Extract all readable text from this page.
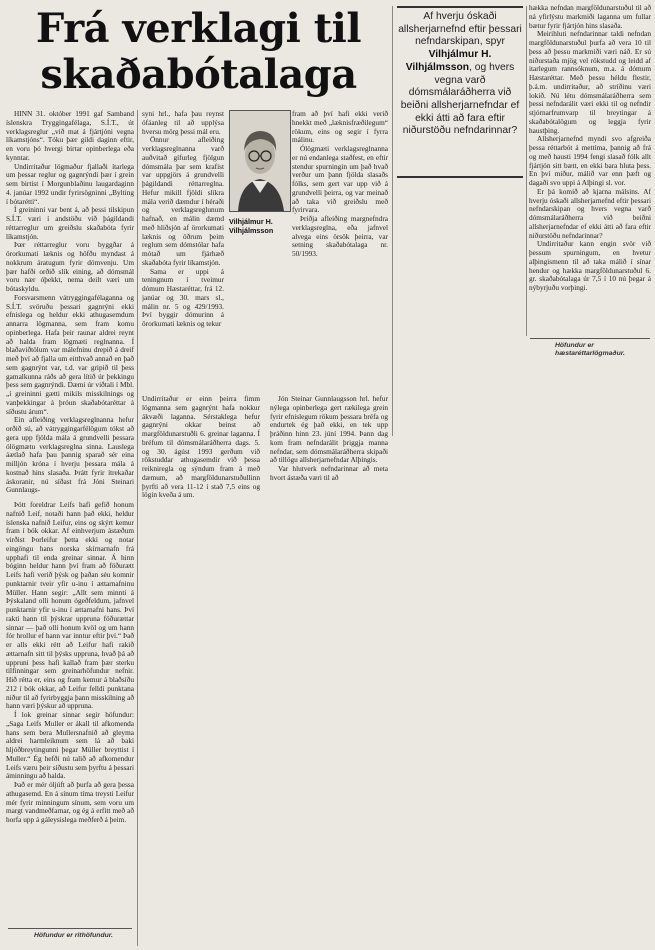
Frá verklagi til skaðabótalaga

HINN 31. október 1991 gaf Samband íslenskra Tryggingafélaga, S.Í.T., út verklagsreglur „við mat á fjártjóni vegna líkamstjóns“. Tóku þær gildi daginn eftir, en voru þó hvergi birtar opinberlega eða kynntar.

Undirritaður lögmaður fjallaði ítarlega um þessar reglur og gagnrýndi þær í grein sem birtist í Morgunblaðinu laugardaginn 4. janúar 1992 undir fyrirsögninni „Bylting í bótarétti“.

Í greininni var bent á, að þessi tilskipun S.Í.T. væri í andstöðu við þágildandi réttarreglur um greiðslu skaðabóta fyrir líkamstjón.

Þær réttarreglur voru byggðar á örorkumati læknis og höfðu myndast á nokkrum áratugum fyrir dómvenju. Um þær hafði orðið slík eining, að dómsmál voru nær óþekkt, nema deilt væri um bótaskyldu.

Forsvarsmenn vátryggingafélaganna og S.Í.T. svöruðu þessari gagnrýni ekki efnislega og heldur ekki athugasemdum annarra lögmanna, sem fram komu opinberlega. Hafa þeir raunar aldrei reynt að halda fram lögmæti reglnanna. Í blaðaviðtölum var málefninu drepið á dreif með því að fjalla um eitthvað annað en það sem gagnrýnt var, t.d. var gripið til þess gamalkunna ráðs að gera lítið úr þekkingu þess sem gagnrýndi. Dæmi úr viðtali í Mbl. „í greininni gætti mikils misskilnings og vanþekkingar á þróun skaðabótaréttar á síðustu árum“.

Ein afleiðing verklagsreglnanna hefur orðið sú, að vátryggingarfélögum tókst að gera upp fjölda mála á grundvelli þessara ólögmætu verklagsreglna sinna. Lauslega áætlað hafa þau þannig sparað sér eina milljón króna í hverju þessara mála á kostnað hins slasaða. Þrátt fyrir ítrekaðar áskoranir, nú síðast frá Jóni Steinari Gunnlaugs-

Þótt foreldrar Leifs hafi gefið honum nafnið Leif, notaði hann það ekki, heldur íslenska nafnið Leifur, eins og skýrt kemur fram í bók okkar. Af einhverjum ástæðum virðist Þorleifur þetta ekki og notar eingöngu hans norska skírnarnafn frá upphafi til enda greinar sinnar. Á hinn bóginn heldur hann því fram að föðurætt Leifs hafi verið þýsk og þaðan séu komnir punktarnir tveir yfir u-inu í ættarnafninu Müller. Hann segir: „Allt sem minnti á Þýskaland olli honum ógeðfeldum, jafnvel punktarnir yfir u-inu í ættarnafni hans. Því rakti hann til þýskrar uppruna föðurættar sinnar — það olli honum kvöl og um hann fór hrollur ef hann var inntur eftir því.“ Það er alls ekki rétt að Leifur hafi rakið ættarnafn sitt til þýsks uppruna, hvað þá að uppruni þess hafi kallað fram þær sterku tilfinningar sem greinarhöfundur nefnir. Hið rétta er, eins og fram kemur á blaðsíðu 212 í bók okkar, að Leifur felldi punktana niður til að fyrirbyggja þann misskilning að hann væri þýskur að uppruna.

Í lok greinar sinnar segir höfundur: „Saga Leifs Muller er ákall til afkomenda hans sem bera Mullersnafnið að gleyma aldrei harmleiknum sem lá að baki hljóðbreytingunni þegar Müller breyttist í Muller.“ Ég hefði nú talið að afkomendur Leifs væru þeir síðustu sem þyrftu á þessari áminningu að halda.

Það er mér óljúft að þurfa að gera þessa athugasemd. En á sínum tíma treysti Leifur mér fyrir minningum sínum, sem voru um margt vandmeðfarnar, og ég á erfitt með að horfa upp á gáleysislega meðferð á þeim.

Höfundur er rithöfundur.

syni hrl., hafa þau reynst ófáanleg til að upplýsa hversu mörg þessi mál eru.

Önnur afleiðing verklagsreglnanna varð auðvitað gífurleg fjölgun dómsmála þar sem krafist var uppgjörs á grundvelli þágildandi réttarreglna. Hefur mikill fjöldi slíkra mála verið dæmdur í héraði og verklagsreglunum hafnað, en málin dæmd með hliðsjón af örorkumati læknis og öðrum þeim reglum sem dómstólar hafa mótað um fjárhæð skaðabóta fyrir líkamstjón.

Sama er uppi á teningnum í tveimur dómum Hæstaréttar, frá 12. janúar og 30. mars sl., málin nr. 5 og 429/1993. Því byggir dómurinn á örorkumati læknis og tekur

Vilhjálmur H. Vilhjálmsson

fram að því hafi ekki verið hnekkt með „læknisfræðilegum“ rökum, eins og segir í fyrra málinu.

Ólögmæti verklagsreglnanna er nú endanlega staðfest, en eftir stendur spurningin um það hvað verður um þann fjölda slasaðs fólks, sem gert var upp við á grundvelli þeirra, og var meinað að taka við greiðslu með fyrirvara.

Þriðja afleiðing margnefndra verklagsreglna, eða jafnvel alvega eins örsök þeirra, var setning skaðabótalaga nr. 50/1993.

Undirritaður er einn þeirra fimm lögmanna sem gagnrýnt hafa nokkur ákvæði laganna. Sérstaklega hefur gagnrýni okkar beinst að margföldunarstuðli 6. greinar laganna. Í bréfum til dómsmálaráðherra dags. 5. og 30. ágúst 1993 gerðum við rökstuddar athugasemdir við þessa reikniregla og sýndum fram á með dæmum, að margföldunarstuðullinn þyrfti að vera 11-12 í stað 7,5 eins og lögin kveða á um.

Jón Steinar Gunnlaugsson hrl. hefur nýlega opinberlega gert rækilega grein fyrir efnislegum rökum þessara bréfa og endurtek ég það ekki, en tek upp þráðinn hinn 23. júní 1994. Þann dag kom fram nefndarálit þriggja manna nefndar, sem dómsmálaráðherra skipaði að tillögu allsherjarnefndar Alþingis.

Var hlutverk nefndarinnar að meta hvort ástæða væri til að

Af hverju óskaði allsherjarnefnd eftir þessari nefndarskipan, spyr Vilhjálmur H. Vilhjálmsson, og hvers vegna varð dómsmálaráðherra við beiðni allsherjarnefndar ef ekki átti að fara eftir niðurstöðu nefndarinnar?

hækka nefndan margföldunarstuðul til að ná yfirlýstu markmiði laganna um fullar bætur fyrir fjártjón hins slasaða.

Meirihluti nefndarinnar taldi nefndan margföldunarstuðul þurfa að vera 10 til þess að þessu markmiði væri náð. Er sú niðurstaða mjög vel rökstudd og leidd af itarlegum rannsóknum, m.a. á dómum Hæstaréttar. Með þessu héldu flestir, þ.á.m. undirritaður, að stríðinu væri lokið. Nú létu dómsmálaráðherra sem þessi nefndarálit væri ekki til og nefndir stjórnarfrumvarp til breytingar á skaðabótalögum og leggja fyrir haustþing.

Allsherjarnefnd myndi svo afgreiða þessa réttarbót á mettíma, þannig að frá og með hausti 1994 fengi slasað fólk allt fjártjón sitt bætt, en ekki bara hluta þess. En því miður, málið var enn þæft og dagaði svo uppi á Alþingi sl. vor.

Er þá komið að kjarna málsins. Af hverju óskaði allsherjarnefnd eftir þessari nefndarskipan og hvers vegna varð dómsmálaráðherra við beiðni allsherjarnefndar ef ekki átti að fara eftir niðurstöðu nefndarinnar?

Undirritaður kann engin svör við þessum spurningum, en hvetur alþingismenn til að taka málið í sínar hendur og hækka margföldunarstuðul 6. gr. skaðabótalaga úr 7,5 í 10 nú þegar á nýbyrjuðu vorþingi.

Höfundur er hæstaréttarlögmaður.
